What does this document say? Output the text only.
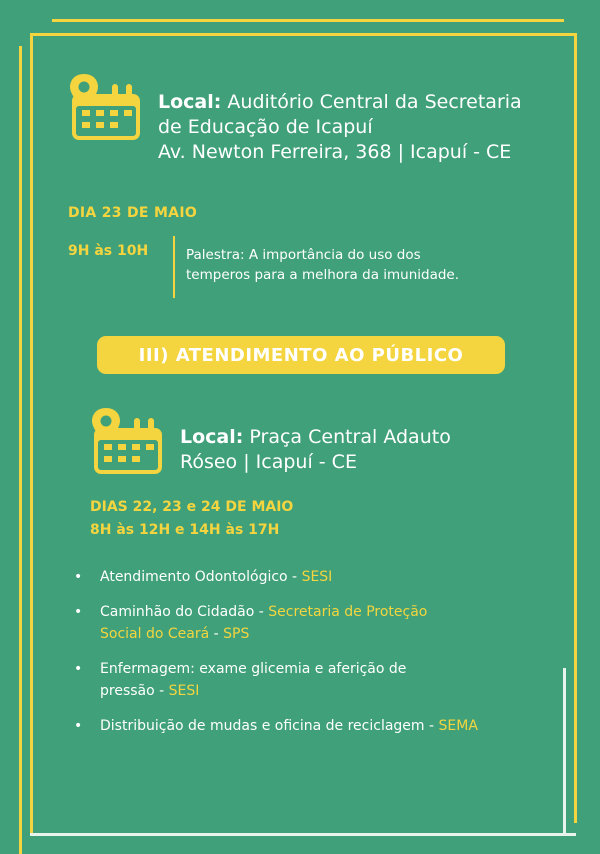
Local: Auditório Central da Secretaria
de Educação de Icapuí
Av. Newton Ferreira, 368 | Icapuí - CE
DIA 23 DE MAIO
9H às 10H	Palestra: A importância do uso dos
temperos para a melhora da imunidade.
III) ATENDIMENTO AO PÚBLICO
Local: Praça Central Adauto
Róseo | Icapuí - CE
DIAS 22, 23 e 24 DE MAIO
8H às 12H e 14H às 17H
• Atendimento Odontológico - SESI
• Caminhão do Cidadão - Secretaria de Proteção
Social do Ceará - SPS
• Enfermagem: exame glicemia e aferição de
pressão - SESI
• Distribuição de mudas e oficina de reciclagem - SEMA
